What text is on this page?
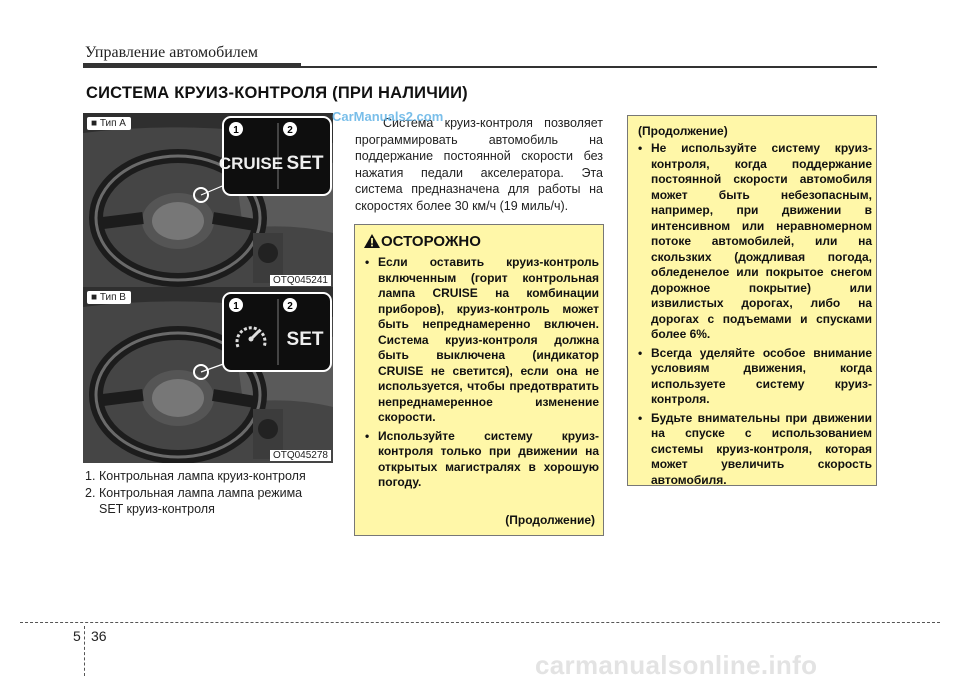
Управление автомобилем
СИСТЕМА КРУИЗ-КОНТРОЛЯ (ПРИ НАЛИЧИИ)
1	2
CRUISE SET
■ Тип A
OTQ045241
1	2
SET
■ Тип B
OTQ045278
1. Контрольная лампа круиз-контроля
2. Контрольная лампа лампа режима
SET круиз-контроля
Система круиз-контроля позволяет программировать автомобиль на поддержание постоянной скорости без нажатия педали акселератора. Эта система предназначена для работы на скоростях более 30 км/ч (19 миль/ч).
CarManuals2.com
ОСТОРОЖНО
• Если оставить круиз-контроль включенным (горит контрольная лампа CRUISE на комбинации приборов), круиз-контроль может быть непреднамеренно включен. Система круиз-контроля должна быть выключена (индикатор CRUISE не светится), если она не используется, чтобы предотвратить непреднамеренное изменение скорости.
• Используйте систему круиз-контроля только при движении на открытых магистралях в хорошую погоду.
(Продолжение)
(Продолжение)
• Не используйте систему круиз-контроля, когда поддержание постоянной скорости автомобиля может быть небезопасным, например, при движении в интенсивном или неравномерном потоке автомобилей, или на скользких (дождливая погода, обледенелое или покрытое снегом дорожное покрытие) или извилистых дорогах, либо на дорогах с подъемами и спусками более 6%.
• Всегда уделяйте особое внимание условиям движения, когда используете систему круиз-контроля.
• Будьте внимательны при движении на спуске с использованием системы круиз-контроля, которая может увеличить скорость автомобиля.
5 36
carmanualsonline.info
